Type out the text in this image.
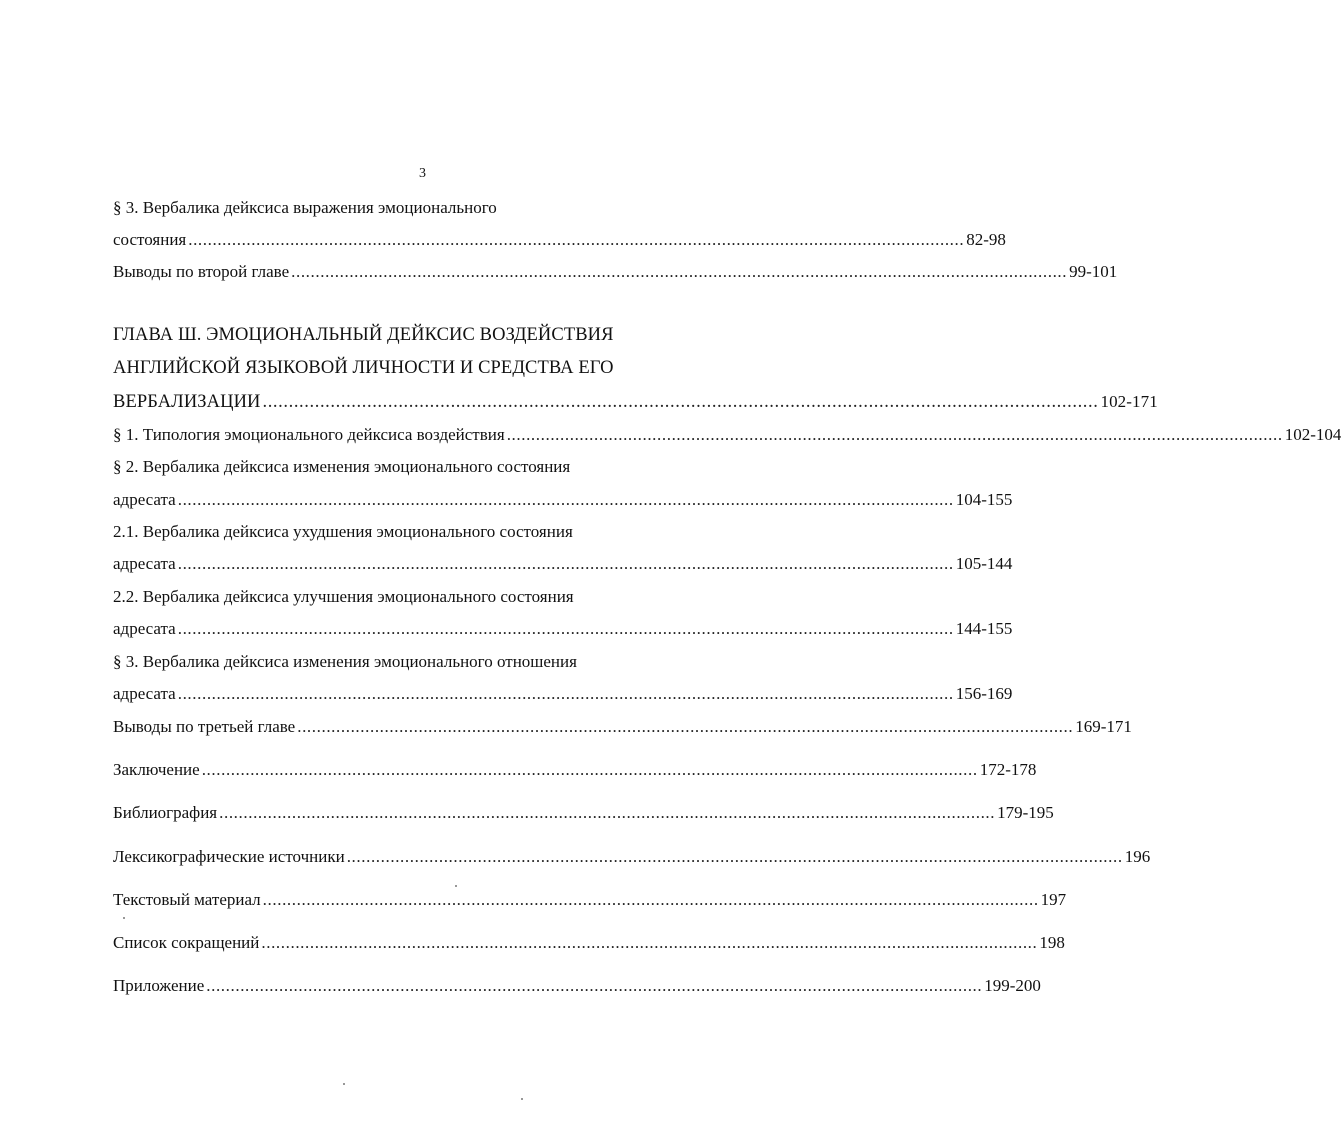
3
§ 3. Вербалика дейксиса выражения эмоционального
состояния ................................................................................................................................................................ 82-98
Выводы по второй главе ................................................................................................................................................................ 99-101
ГЛАВА Ш. ЭМОЦИОНАЛЬНЫЙ ДЕЙКСИС ВОЗДЕЙСТВИЯ
АНГЛИЙСКОЙ ЯЗЫКОВОЙ ЛИЧНОСТИ И СРЕДСТВА ЕГО
ВЕРБАЛИЗАЦИИ ................................................................................................................................................................ 102-171
§ 1. Типология эмоционального дейксиса воздействия ................................................................................................................................................................ 102-104
§ 2. Вербалика дейксиса изменения эмоционального состояния
адресата ................................................................................................................................................................ 104-155
2.1. Вербалика дейксиса ухудшения эмоционального состояния
адресата ................................................................................................................................................................ 105-144
2.2. Вербалика дейксиса улучшения эмоционального состояния
адресата ................................................................................................................................................................ 144-155
§ 3. Вербалика дейксиса изменения эмоционального отношения
адресата ................................................................................................................................................................ 156-169
Выводы по третьей главе ................................................................................................................................................................ 169-171
Заключение ................................................................................................................................................................ 172-178
Библиография ................................................................................................................................................................ 179-195
Лексикографические источники ................................................................................................................................................................ 196
Текстовый материал ................................................................................................................................................................ 197
Список сокращений ................................................................................................................................................................ 198
Приложение ................................................................................................................................................................ 199-200
